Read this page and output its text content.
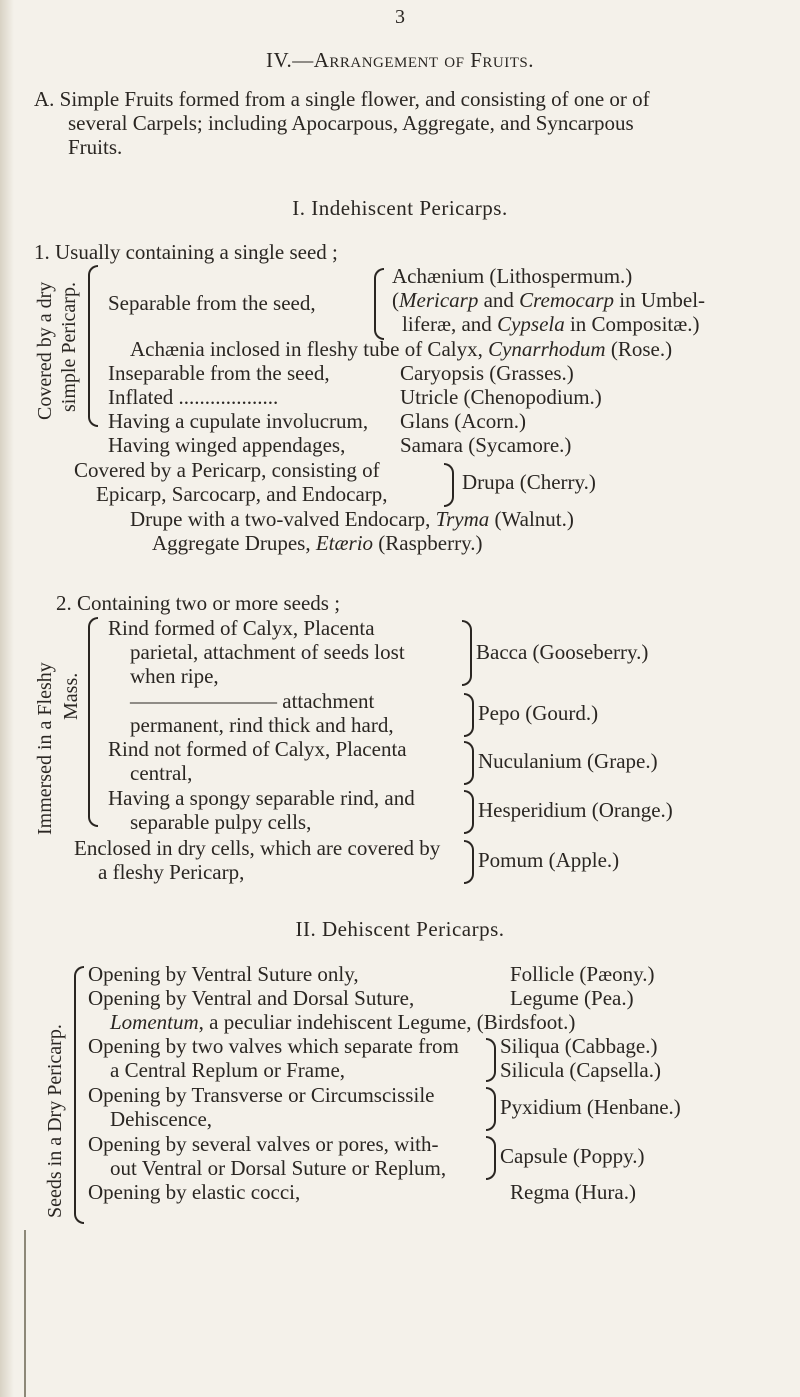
3
IV.—Arrangement of Fruits.
A. Simple Fruits formed from a single flower, and consisting of one or of
several Carpels; including Apocarpous, Aggregate, and Syncarpous
Fruits.
I. Indehiscent Pericarps.
1. Usually containing a single seed ;
Covered by a dry simple Pericarp. Separable from the seed,
Achænium (Lithospermum.)
(Mericarp and Cremocarp in Umbel-
liferæ, and Cypsela in Compositæ.)
Achænia inclosed in fleshy tube of Calyx, Cynarrhodum (Rose.)
Inseparable from the seed,	Caryopsis (Grasses.)
Inflated ...................	Utricle (Chenopodium.)
Having a cupulate involucrum, Glans (Acorn.)
Having winged appendages,	Samara (Sycamore.)
Covered by a Pericarp, consisting of
Epicarp, Sarcocarp, and Endocarp,	Drupa (Cherry.)
Drupe with a two-valved Endocarp, Tryma (Walnut.)
Aggregate Drupes, Etærio (Raspberry.)
2. Containing two or more seeds ;
Immersed in a Fleshy Mass.
Rind formed of Calyx, Placenta
parietal, attachment of seeds lost
when ripe,
Bacca (Gooseberry.)
——————— attachment
permanent, rind thick and hard,	Pepo (Gourd.)
Rind not formed of Calyx, Placenta
central,	Nuculanium (Grape.)
Having a spongy separable rind, and
separable pulpy cells,	Hesperidium (Orange.)
Enclosed in dry cells, which are covered by
a fleshy Pericarp,	Pomum (Apple.)
II. Dehiscent Pericarps.
Seeds in a Dry Pericarp.
Opening by Ventral Suture only,	Follicle (Pæony.)
Opening by Ventral and Dorsal Suture,	Legume (Pea.)
Lomentum, a peculiar indehiscent Legume, (Birdsfoot.)
Opening by two valves which separate from
a Central Replum or Frame,
Siliqua (Cabbage.)
Silicula (Capsella.)
Opening by Transverse or Circumscissile
Dehiscence,	Pyxidium (Henbane.)
Opening by several valves or pores, with-
out Ventral or Dorsal Suture or Replum,	Capsule (Poppy.)
Opening by elastic cocci,	Regma (Hura.)
